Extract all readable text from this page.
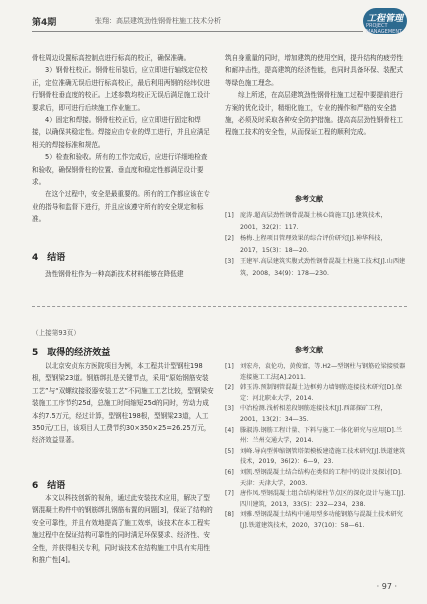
第4期	张翔：高层建筑劲性钢骨柱施工技术分析	工程管理
PROJECT MANAGEMENT

骨柱周边设置标高控制点进行标高的校正，确保准确。

3）钢骨柱校正。钢骨柱吊装后，应立即进行轴线定位校正，定位准确无误后进行标高校正，最后利用两钢的经纬仪进行钢骨柱垂直度的校正。上述参数均校正无误后满足施工设计要求后，即可进行后续施工作业施工。

4）固定和焊接。钢骨柱校正后，应立即进行固定和焊接，以确保其稳定性。焊接应由专业的焊工进行，并且应满足相关的焊接标准和规范。

5）检查和验收。所有的工作完成后，应进行详细地检查和验收，确保钢骨柱的位置、垂直度和稳定性都满足设计要求。

在这个过程中，安全是最重要的。所有的工作都应该在专业的指导和监督下进行，并且应该遵守所有的安全规定和标准。

4　结语

劲性钢骨柱作为一种高新技术材料能够在降低建

筑自身重量的同时，增加建筑的使用空间，提升结构的疲劳性和耐冲击性，提高建筑的经济性能，也同时具备环保、装配式等绿色施工理念。

综上所述，在高层建筑劲性钢骨柱施工过程中要提前进行方案的优化设计，精细化施工，专业的操作和严格的安全措施，必须及时采取各种安全防护措施。提高高层劲性钢骨柱工程施工技术的安全性，从而保证工程的顺利完成。

参考文献
[1]　庞涛.超高层劲性钢骨混凝土核心筒施工[J].建筑技术，2001，32(2)：117.
[2]　杨梅.上程项目管理效果的综合评价研究[J].神华科技，2017，15(3)：18—20.
[3]　王建军.高层建筑实腹式劲性钢骨混凝土柱施工技术[J].山西建筑，2008，34(9)：178—230.
（上接第93页）
5　取得的经济效益

以北京安贞东方医院项目为例，本工程共计型钢柱198根，型钢梁23道。钢筋绑扎是关键节点，采用“原始钢筋安装工艺”与“双螺纹接驳器安装工艺”不同施工工艺比较，型钢梁安装施工工序节约25d，总施工时间缩短25d的同时，劳动力成本约7.5万元，经过计算，型钢柱198根，型钢梁23道，人工350元/工日，该项目人工费节约30×350×25=26.25万元，经济效益显著。

6　结语

本文以科技创新的视角，通过此安装技术应用，解决了型钢混凝土构件中的钢筋绑扎钢筋布置的问题[3]，保证了结构的安全可靠性，并且有效地提高了施工效率，该技术在本工程实施过程中在保证结构可靠性的同时满足环保要求、经济性、安全性，并获得相关专利，同时该技术在结构施工中具有实用性和推广性[4]。

参考文献
[1]　刘宏舟，袁伦功，黄俊富，等.H2—型钢柱与钢筋砼梁接驳器连接施工工法[A].2011.
[2]　韩玉涛.预制钢管混凝土边框剪力墙钢筋连接技术研究[D].保定：河北职业大学，2014.
[3]　中冶检测.浅析相差段钢筋连接技术[J].西部探矿工程，2001，13(2)：34—35.
[4]　滕淑涛.钢筋工程计量、下料与施工一体化研究与应用[D].兰州：兰州交通大学，2014.
[5]　刘峰.导向型伸缩钢管塔架模板建造施工技术研究[J].铁道建筑技术，2019，36(2)：6—9，23.
[6]　刘凯.型钢混凝土结合结构在类似的工程中的设计及探讨[D].天津：天津大学，2003.
[7]　唐作凤.型钢混凝土组合结构梁柱节点区的深化设计与施工[J].四川建筑，2013，33(5)：232—234，238.
[8]　刘雅.型钢混凝土结构中通用型多功能钢筋与混凝土技术研究[J].铁道建筑技术，2020，37(10)：58—61.
· 97 ·
